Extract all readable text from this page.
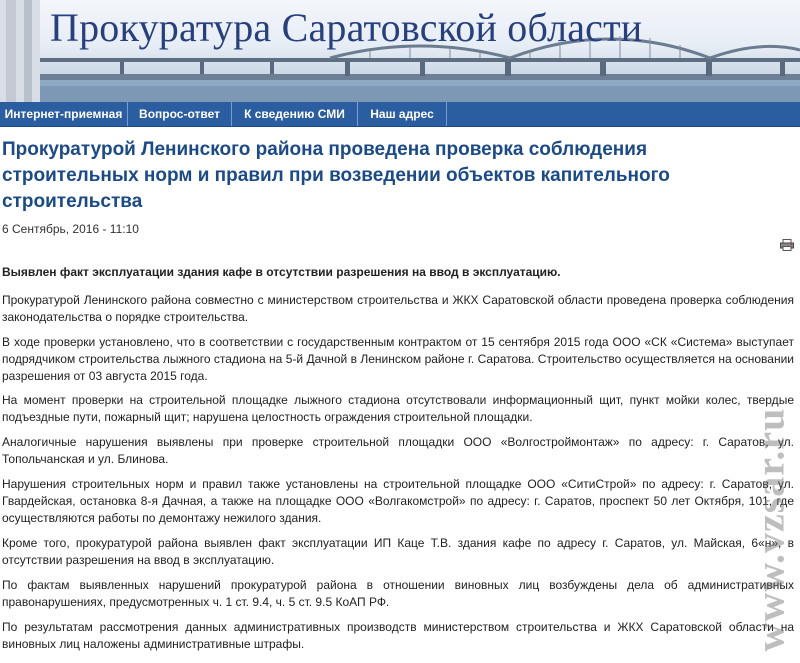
Прокуратура Саратовской области
Интернет-приемная	Вопрос-ответ	К сведению СМИ	Наш адрес
Прокуратурой Ленинского района проведена проверка соблюдения строительных норм и правил при возведении объектов капительного строительства
6 Сентябрь, 2016 - 11:10
Выявлен факт эксплуатации здания кафе в отсутствии разрешения на ввод в эксплуатацию.
Прокуратурой Ленинского района совместно с министерством строительства и ЖКХ Саратовской области проведена проверка соблюдения законодательства о порядке строительства.
В ходе проверки установлено, что в соответствии с государственным контрактом от 15 сентября 2015 года ООО «СК «Система» выступает подрядчиком строительства лыжного стадиона на 5-й Дачной в Ленинском районе г. Саратова. Строительство осуществляется на основании разрешения от 03 августа 2015 года.
На момент проверки на строительной площадке лыжного стадиона отсутствовали информационный щит, пункт мойки колес, твердые подъездные пути, пожарный щит; нарушена целостность ограждения строительной площадки.
Аналогичные нарушения выявлены при проверке строительной площадки ООО «Волгостроймонтаж» по адресу: г. Саратов, ул. Топольчанская и ул. Блинова.
Нарушения строительных норм и правил также установлены на строительной площадке ООО «СитиСтрой» по адресу: г. Саратов, ул. Гвардейская, остановка 8-я Дачная, а также на площадке ООО «Волгакомстрой» по адресу: г. Саратов, проспект 50 лет Октября, 101, где осуществляются работы по демонтажу нежилого здания.
Кроме того, прокуратурой района выявлен факт эксплуатации ИП Каце Т.В. здания кафе по адресу г. Саратов, ул. Майская, 6«н», в отсутствии разрешения на ввод в эксплуатацию.
По фактам выявленных нарушений прокуратурой района в отношении виновных лиц возбуждены дела об административных правонарушениях, предусмотренных ч. 1 ст. 9.4, ч. 5 ст. 9.5 КоАП РФ.
По результатам рассмотрения данных административных производств министерством строительства и ЖКХ Саратовской области на виновных лиц наложены административные штрафы.	www.vzsar.ru
